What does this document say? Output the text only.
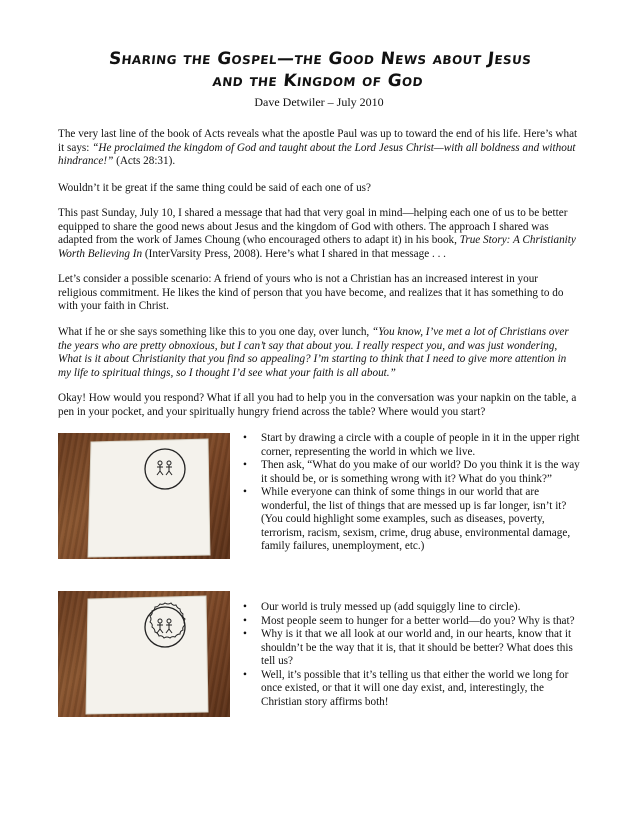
Sharing the Gospel—the Good News about Jesus
and the Kingdom of God
Dave Detwiler – July 2010

The very last line of the book of Acts reveals what the apostle Paul was up to toward the end of his life. Here’s what it says: “He proclaimed the kingdom of God and taught about the Lord Jesus Christ—with all boldness and without hindrance!” (Acts 28:31).

Wouldn’t it be great if the same thing could be said of each one of us?

This past Sunday, July 10, I shared a message that had that very goal in mind—helping each one of us to be better equipped to share the good news about Jesus and the kingdom of God with others. The approach I shared was adapted from the work of James Choung (who encouraged others to adapt it) in his book, True Story: A Christianity Worth Believing In (InterVarsity Press, 2008). Here’s what I shared in that message . . .

Let’s consider a possible scenario: A friend of yours who is not a Christian has an increased interest in your religious commitment. He likes the kind of person that you have become, and realizes that it has something to do with your faith in Christ.

What if he or she says something like this to you one day, over lunch, “You know, I’ve met a lot of Christians over the years who are pretty obnoxious, but I can’t say that about you. I really respect you, and was just wondering, What is it about Christianity that you find so appealing? I’m starting to think that I need to give more attention in my life to spiritual things, so I thought I’d see what your faith is all about.”

Okay! How would you respond? What if all you had to help you in the conversation was your napkin on the table, a pen in your pocket, and your spiritually hungry friend across the table? Where would you start?

• Start by drawing a circle with a couple of people in it in the upper right corner, representing the world in which we live.
• Then ask, “What do you make of our world? Do you think it is the way it should be, or is something wrong with it? What do you think?”
• While everyone can think of some things in our world that are wonderful, the list of things that are messed up is far longer, isn’t it? (You could highlight some examples, such as diseases, poverty, terrorism, racism, sexism, crime, drug abuse, environmental damage, family failures, unemployment, etc.)
• Our world is truly messed up (add squiggly line to circle).
• Most people seem to hunger for a better world—do you? Why is that?
• Why is it that we all look at our world and, in our hearts, know that it shouldn’t be the way that it is, that it should be better? What does this tell us?
• Well, it’s possible that it’s telling us that either the world we long for once existed, or that it will one day exist, and, interestingly, the Christian story affirms both!
